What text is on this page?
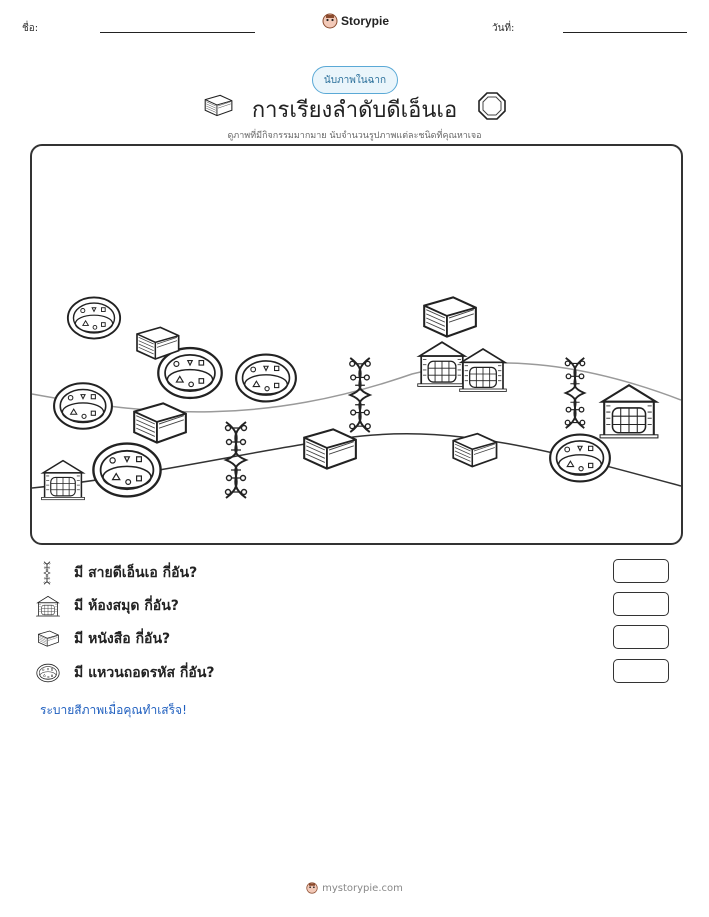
ชื่อ:
Storypie
วันที่:
นับภาพในฉาก
การเรียงลำดับดีเอ็นเอ
ดูภาพที่มีกิจกรรมมากมาย นับจำนวนรูปภาพแต่ละชนิดที่คุณหาเจอ
มี สายดีเอ็นเอ กี่อัน?
มี ห้องสมุด กี่อัน?
มี หนังสือ กี่อัน?
มี แหวนถอดรหัส กี่อัน?
ระบายสีภาพเมื่อคุณทำเสร็จ!
mystorypie.com
